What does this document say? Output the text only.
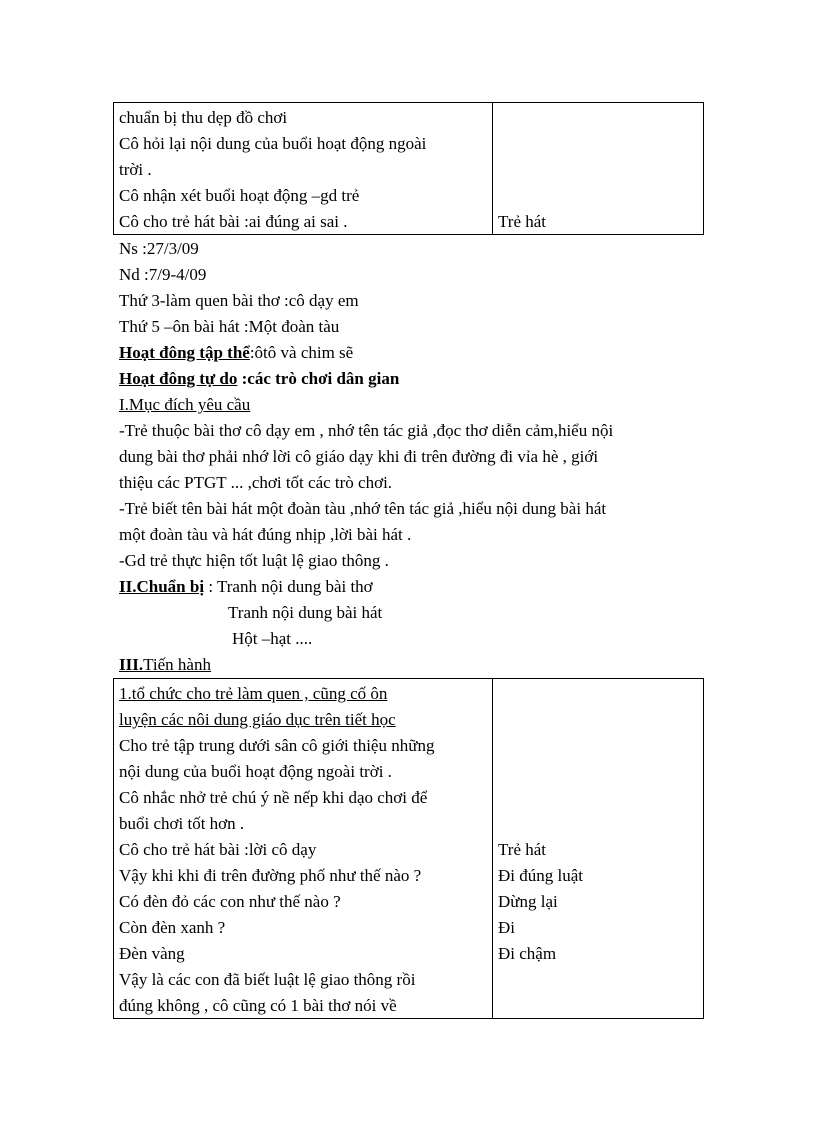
chuẩn bị thu dẹp đồ chơi
Cô hỏi lại nội dung của buổi hoạt động ngoài
trời .
Cô nhận xét buổi hoạt động –gd trẻ
Cô cho trẻ hát bài :ai đúng ai sai .	Trẻ hát
Ns :27/3/09
Nd :7/9-4/09
Thứ 3-làm quen bài thơ :cô dạy em
Thứ 5 –ôn bài hát :Một đoàn tàu
Hoạt đông tập thể:ôtô và chim sẽ
Hoạt đông tự do :các trò chơi dân gian
I.Mục đích yêu cầu
-Trẻ thuộc bài thơ cô dạy em , nhớ tên tác giả ,đọc thơ diễn cảm,hiểu nội
dung bài thơ phải nhớ lời cô giáo dạy khi đi trên đường đi vỉa hè , giới
thiệu các PTGT ... ,chơi tốt các trò chơi.
-Trẻ biết tên bài hát một đoàn tàu ,nhớ tên tác giả ,hiểu nội dung bài hát
một đoàn tàu và hát đúng nhịp ,lời bài hát .
-Gd trẻ thực hiện tốt luật lệ giao thông .
II.Chuẩn bị : Tranh nội dung bài thơ
Tranh nội dung bài hát
Hột –hạt ....
III.Tiến hành
1.tổ chức cho trẻ làm quen , cũng cố ôn
luyện các nôi dung giáo dục trên tiết học
Cho trẻ tập trung dưới sân cô giới thiệu những
nội dung của buổi hoạt động ngoài trời .
Cô nhắc nhở trẻ chú ý nề nếp khi dạo chơi để
buổi chơi tốt hơn .
Cô cho trẻ hát bài :lời cô dạy
Vậy khi khi đi trên đường phố như thế nào ?
Có đèn đỏ các con như thế nào ?
Còn đèn xanh ?
Đèn vàng
Vậy là các con đã biết luật lệ giao thông rồi
đúng không , cô cũng có 1 bài thơ nói về
Trẻ hát
Đi đúng luật
Dừng lại
Đi
Đi chậm
